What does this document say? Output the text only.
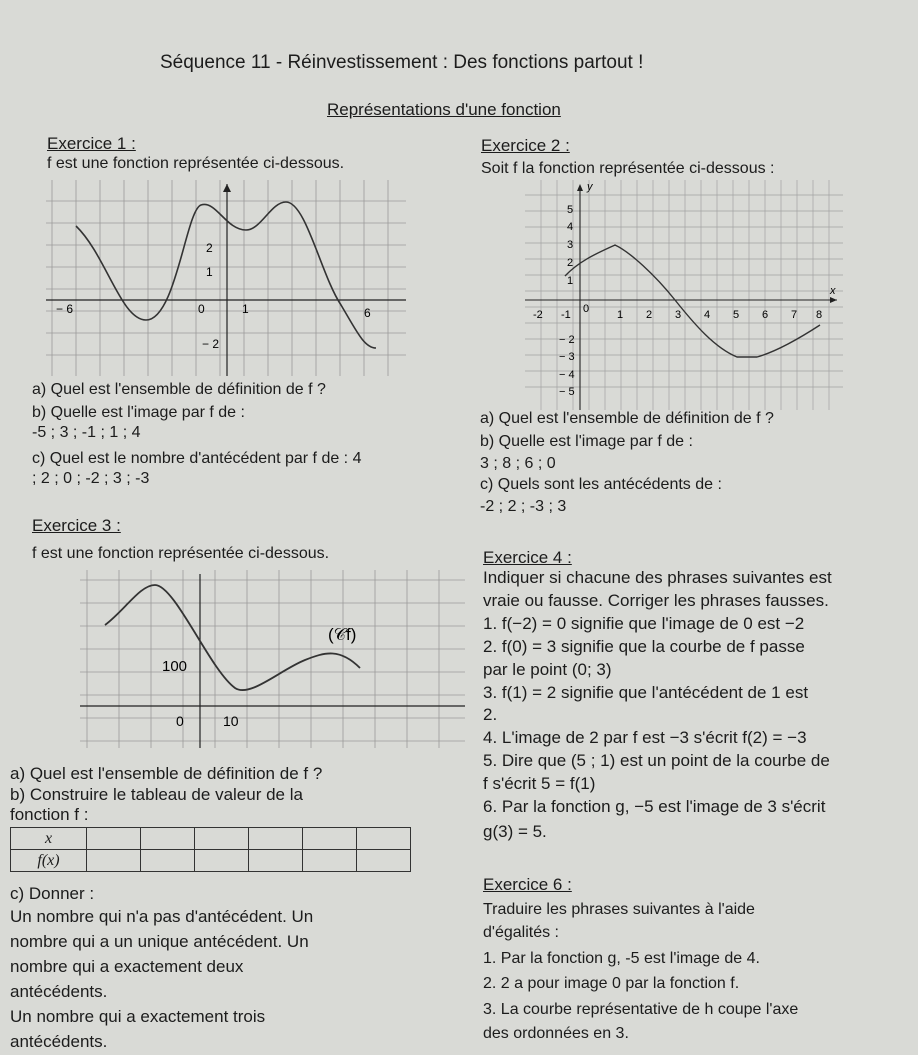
Séquence 11 - Réinvestissement : Des fonctions partout !
Représentations d'une fonction
Exercice 1 :
f est une fonction représentée ci-dessous.
2
1
0
− 2
− 6	1	6
a) Quel est l'ensemble de définition de f ?
b) Quelle est l'image par f de :
-5 ; 3 ; -1 ; 1 ; 4
c) Quel est le nombre d'antécédent par f de : 4
; 2 ; 0 ; -2 ; 3 ; -3
Exercice 2 :
Soit f la fonction représentée ci-dessous :
y
x
5
4
3
2
1
− 2
− 3
− 4
− 5
-2 -1 0	1 2 3 4 5 6 7 8
a) Quel est l'ensemble de définition de f ?
b) Quelle est l'image par f de :
3 ; 8 ; 6 ; 0
c) Quels sont les antécédents de :
-2 ; 2 ; -3 ; 3
Exercice 3 :
f est une fonction représentée ci-dessous.
(𝒞f)
100
0	10
a) Quel est l'ensemble de définition de f ?
b) Construire le tableau de valeur de la
fonction f :
x						
f(x)						
c) Donner :
Un nombre qui n'a pas d'antécédent. Un
nombre qui a un unique antécédent. Un
nombre qui a exactement deux
antécédents.
Un nombre qui a exactement trois
antécédents.
Exercice 4 :
Indiquer si chacune des phrases suivantes est
vraie ou fausse. Corriger les phrases fausses.
1. f(−2) = 0 signifie que l'image de 0 est −2
2. f(0) = 3 signifie que la courbe de f passe
par le point (0; 3)
3. f(1) = 2 signifie que l'antécédent de 1 est
2.
4. L'image de 2 par f est −3 s'écrit f(2) = −3
5. Dire que (5 ; 1) est un point de la courbe de
f s'écrit 5 = f(1)
6. Par la fonction g, −5 est l'image de 3 s'écrit
g(3) = 5.
Exercice 6 :
Traduire les phrases suivantes à l'aide
d'égalités :
1. Par la fonction g, -5 est l'image de 4.
2. 2 a pour image 0 par la fonction f.
3. La courbe représentative de h coupe l'axe
des ordonnées en 3.
